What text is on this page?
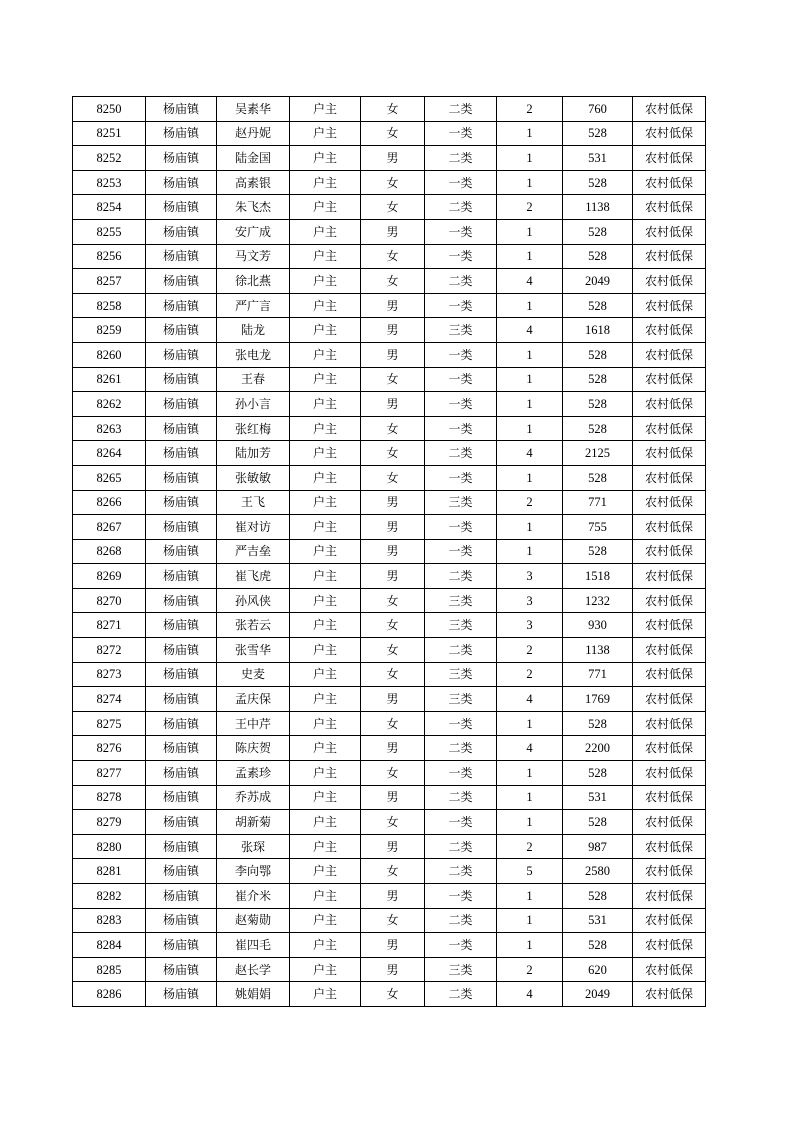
8250	杨庙镇	吴素华	户主	女	二类	2	760	农村低保
8251	杨庙镇	赵丹妮	户主	女	一类	1	528	农村低保
8252	杨庙镇	陆金国	户主	男	二类	1	531	农村低保
8253	杨庙镇	高素银	户主	女	一类	1	528	农村低保
8254	杨庙镇	朱飞杰	户主	女	二类	2	1138	农村低保
8255	杨庙镇	安广成	户主	男	一类	1	528	农村低保
8256	杨庙镇	马文芳	户主	女	一类	1	528	农村低保
8257	杨庙镇	徐北燕	户主	女	二类	4	2049	农村低保
8258	杨庙镇	严广言	户主	男	一类	1	528	农村低保
8259	杨庙镇	陆龙	户主	男	三类	4	1618	农村低保
8260	杨庙镇	张电龙	户主	男	一类	1	528	农村低保
8261	杨庙镇	王春	户主	女	一类	1	528	农村低保
8262	杨庙镇	孙小言	户主	男	一类	1	528	农村低保
8263	杨庙镇	张红梅	户主	女	一类	1	528	农村低保
8264	杨庙镇	陆加芳	户主	女	二类	4	2125	农村低保
8265	杨庙镇	张敏敏	户主	女	一类	1	528	农村低保
8266	杨庙镇	王飞	户主	男	三类	2	771	农村低保
8267	杨庙镇	崔对访	户主	男	一类	1	755	农村低保
8268	杨庙镇	严吉垒	户主	男	一类	1	528	农村低保
8269	杨庙镇	崔飞虎	户主	男	二类	3	1518	农村低保
8270	杨庙镇	孙风侠	户主	女	三类	3	1232	农村低保
8271	杨庙镇	张若云	户主	女	三类	3	930	农村低保
8272	杨庙镇	张雪华	户主	女	二类	2	1138	农村低保
8273	杨庙镇	史麦	户主	女	三类	2	771	农村低保
8274	杨庙镇	孟庆保	户主	男	三类	4	1769	农村低保
8275	杨庙镇	王中芹	户主	女	一类	1	528	农村低保
8276	杨庙镇	陈庆贺	户主	男	二类	4	2200	农村低保
8277	杨庙镇	孟素珍	户主	女	一类	1	528	农村低保
8278	杨庙镇	乔苏成	户主	男	二类	1	531	农村低保
8279	杨庙镇	胡新菊	户主	女	一类	1	528	农村低保
8280	杨庙镇	张琛	户主	男	二类	2	987	农村低保
8281	杨庙镇	李向鄂	户主	女	二类	5	2580	农村低保
8282	杨庙镇	崔介米	户主	男	一类	1	528	农村低保
8283	杨庙镇	赵菊勋	户主	女	二类	1	531	农村低保
8284	杨庙镇	崔四毛	户主	男	一类	1	528	农村低保
8285	杨庙镇	赵长学	户主	男	三类	2	620	农村低保
8286	杨庙镇	姚娟娟	户主	女	二类	4	2049	农村低保
